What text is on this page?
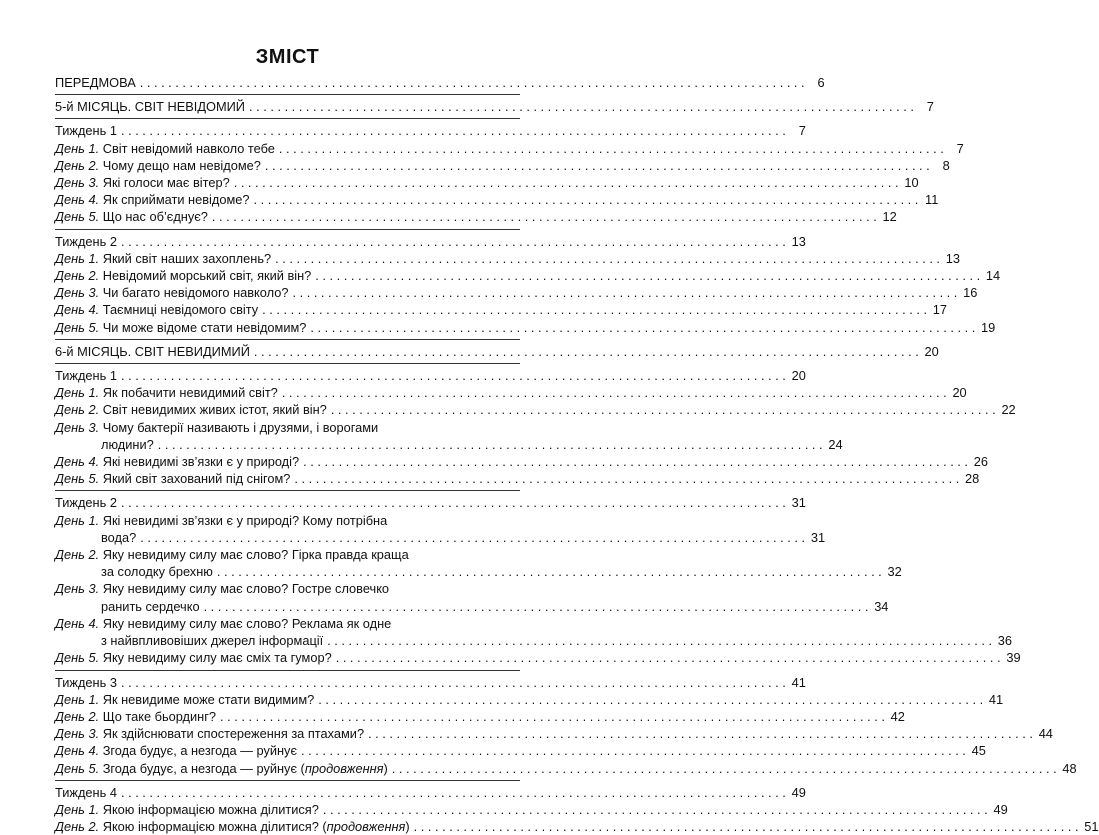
ЗМІСТ
ПЕРЕДМОВА . . .	6
5-й МІСЯЦЬ. СВІТ НЕВІДОМИЙ . . .	7
Тиждень 1 . . .	7
День 1. Світ невідомий навколо тебе . . .	7
День 2. Чому дещо нам невідоме? . . .	8
День 3. Які голоси має вітер? . . .	10
День 4. Як сприймати невідоме? . . .	11
День 5. Що нас об’єднує? . . .	12
Тиждень 2 . . .	13
День 1. Який світ наших захоплень? . . .	13
День 2. Невідомий морський світ, який він? . . .	14
День 3. Чи багато невідомого навколо? . . .	16
День 4. Таємниці невідомого світу . . .	17
День 5. Чи може відоме стати невідомим? . . .	19
6-й МІСЯЦЬ. СВІТ НЕВИДИМИЙ . . .	20
Тиждень 1 . . .	20
День 1. Як побачити невидимий світ? . . .	20
День 2. Світ невидимих живих істот, який він? . . .	22
День 3. Чому бактерії називають і друзями, і ворогами
людини? . . .	24
День 4. Які невидимі зв’язки є у природі? . . .	26
День 5. Який світ захований під снігом? . . .	28
Тиждень 2 . . .	31
День 1. Які невидимі зв’язки є у природі? Кому потрібна
вода? . . .	31
День 2. Яку невидиму силу має слово? Гірка правда краща
за солодку брехню . . .	32
День 3. Яку невидиму силу має слово? Гостре словечко
ранить сердечко . . .	34
День 4. Яку невидиму силу має слово? Реклама як одне
з найвпливовіших джерел інформації . . .	36
День 5. Яку невидиму силу має сміх та гумор? . . .	39
Тиждень 3 . . .	41
День 1. Як невидиме може стати видимим? . . .	41
День 2. Що таке бьординг? . . .	42
День 3. Як здійснювати спостереження за птахами? . . .	44
День 4. Згода будує, а незгода — руйнує . . .	45
День 5. Згода будує, а незгода — руйнує (продовження) . . .	48
Тиждень 4 . . .	49
День 1. Якою інформацією можна ділитися? . . .	49
День 2. Якою інформацією можна ділитися? (продовження) . . .	51
